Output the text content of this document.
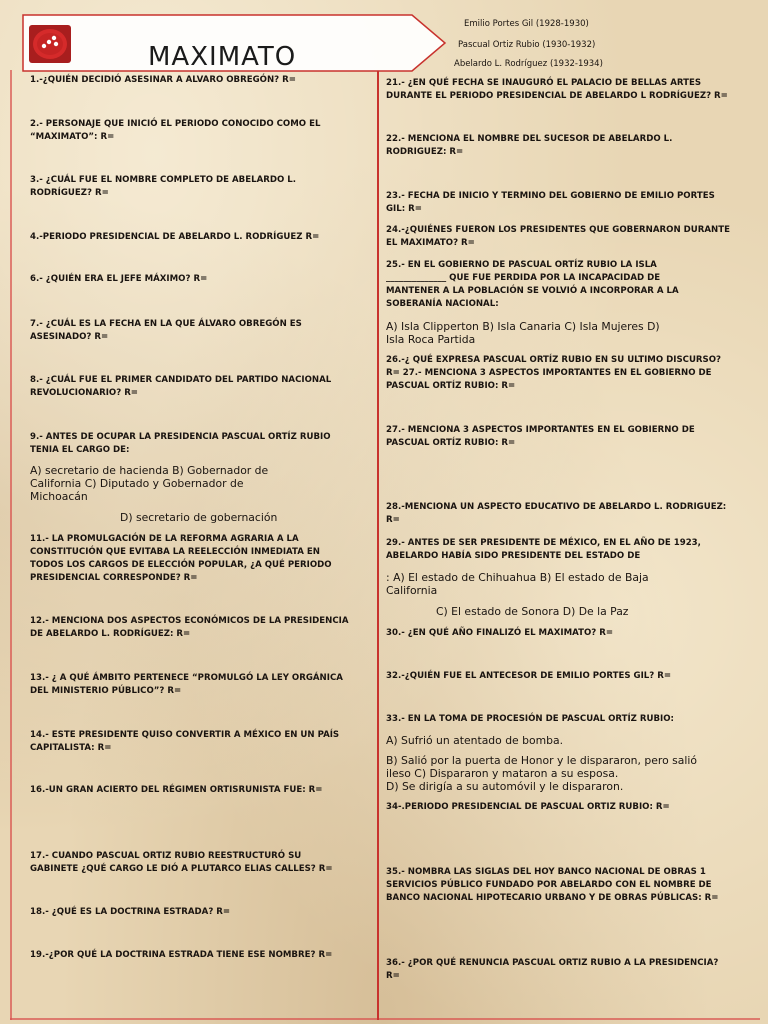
MAXIMATO
Emilio Portes Gil (1928-1930)
Pascual Ortiz Rubio (1930-1932)
Abelardo L. Rodríguez (1932-1934)
1.-¿QUIÉN DECIDIÓ ASESINAR A ALVARO OBREGÓN? R=
2.- PERSONAJE QUE INICIÓ EL PERIODO CONOCIDO COMO EL
“MAXIMATO”: R=
3.- ¿CUÁL FUE EL NOMBRE COMPLETO DE ABELARDO L.
RODRÍGUEZ? R=
4.-PERIODO PRESIDENCIAL DE ABELARDO L. RODRÍGUEZ R=
6.- ¿QUIÉN ERA EL JEFE MÁXIMO? R=
7.- ¿CUÁL ES LA FECHA EN LA QUE ÁLVARO OBREGÓN ES
ASESINADO? R=
8.- ¿CUÁL FUE EL PRIMER CANDIDATO DEL PARTIDO NACIONAL
REVOLUCIONARIO? R=
9.- ANTES DE OCUPAR LA PRESIDENCIA PASCUAL ORTÍZ RUBIO
TENIA EL CARGO DE:
A) secretario de hacienda B) Gobernador de
California C) Diputado y Gobernador de
Michoacán
D) secretario de gobernación
11.- LA PROMULGACIÓN DE LA REFORMA AGRARIA A LA
CONSTITUCIÓN QUE EVITABA LA REELECCIÓN INMEDIATA EN
TODOS LOS CARGOS DE ELECCIÓN POPULAR, ¿A QUÉ PERIODO
PRESIDENCIAL CORRESPONDE? R=
12.- MENCIONA DOS ASPECTOS ECONÓMICOS DE LA PRESIDENCIA
DE ABELARDO L. RODRÍGUEZ: R=
13.- ¿ A QUÉ ÁMBITO PERTENECE “PROMULGÓ LA LEY ORGÁNICA
DEL MINISTERIO PÚBLICO”? R=
14.- ESTE PRESIDENTE QUISO CONVERTIR A MÉXICO EN UN PAÍS
CAPITALISTA: R=
16.-UN GRAN ACIERTO DEL RÉGIMEN ORTISRUNISTA FUE: R=
17.- CUANDO PASCUAL ORTIZ RUBIO REESTRUCTURÓ SU
GABINETE ¿QUÉ CARGO LE DIÓ A PLUTARCO ELIAS CALLES? R=
18.- ¿QUÉ ES LA DOCTRINA ESTRADA? R=
19.-¿POR QUÉ LA DOCTRINA ESTRADA TIENE ESE NOMBRE? R=
21.- ¿EN QUÉ FECHA SE INAUGURÓ EL PALACIO DE BELLAS ARTES
DURANTE EL PERIODO PRESIDENCIAL DE ABELARDO L RODRÍGUEZ? R=
22.- MENCIONA EL NOMBRE DEL SUCESOR DE ABELARDO L.
RODRIGUEZ: R=
23.- FECHA DE INICIO Y TERMINO DEL GOBIERNO DE EMILIO PORTES
GIL: R=
24.-¿QUIÉNES FUERON LOS PRESIDENTES QUE GOBERNARON DURANTE
EL MAXIMATO? R=
25.- EN EL GOBIERNO DE PASCUAL ORTÍZ RUBIO LA ISLA
______________ QUE FUE PERDIDA POR LA INCAPACIDAD DE
MANTENER A LA POBLACIÓN SE VOLVIÓ A INCORPORAR A LA
SOBERANÍA NACIONAL:
A) Isla Clipperton B) Isla Canaria C) Isla Mujeres D)
Isla Roca Partida
26.-¿ QUÉ EXPRESA PASCUAL ORTÍZ RUBIO EN SU ULTIMO DISCURSO?
R= 27.- MENCIONA 3 ASPECTOS IMPORTANTES EN EL GOBIERNO DE
PASCUAL ORTÍZ RUBIO: R=
27.- MENCIONA 3 ASPECTOS IMPORTANTES EN EL GOBIERNO DE
PASCUAL ORTÍZ RUBIO: R=
28.-MENCIONA UN ASPECTO EDUCATIVO DE ABELARDO L. RODRIGUEZ:
R=
29.- ANTES DE SER PRESIDENTE DE MÉXICO, EN EL AÑO DE 1923,
ABELARDO HABÍA SIDO PRESIDENTE DEL ESTADO DE
: A) El estado de Chihuahua B) El estado de Baja
California
C) El estado de Sonora D) De la Paz
30.- ¿EN QUÉ AÑO FINALIZÓ EL MAXIMATO? R=
32.-¿QUIÉN FUE EL ANTECESOR DE EMILIO PORTES GIL? R=
33.- EN LA TOMA DE PROCESIÓN DE PASCUAL ORTÍZ RUBIO:
A) Sufrió un atentado de bomba.
B) Salió por la puerta de Honor y le dispararon, pero salió
ileso C) Dispararon y mataron a su esposa.
D) Se dirigía a su automóvil y le dispararon.
34-.PERIODO PRESIDENCIAL DE PASCUAL ORTIZ RUBIO: R=
35.- NOMBRA LAS SIGLAS DEL HOY BANCO NACIONAL DE OBRAS 1
SERVICIOS PÚBLICO FUNDADO POR ABELARDO CON EL NOMBRE DE
BANCO NACIONAL HIPOTECARIO URBANO Y DE OBRAS PÚBLICAS: R=
36.- ¿POR QUÉ RENUNCIA PASCUAL ORTIZ RUBIO A LA PRESIDENCIA?
R=
